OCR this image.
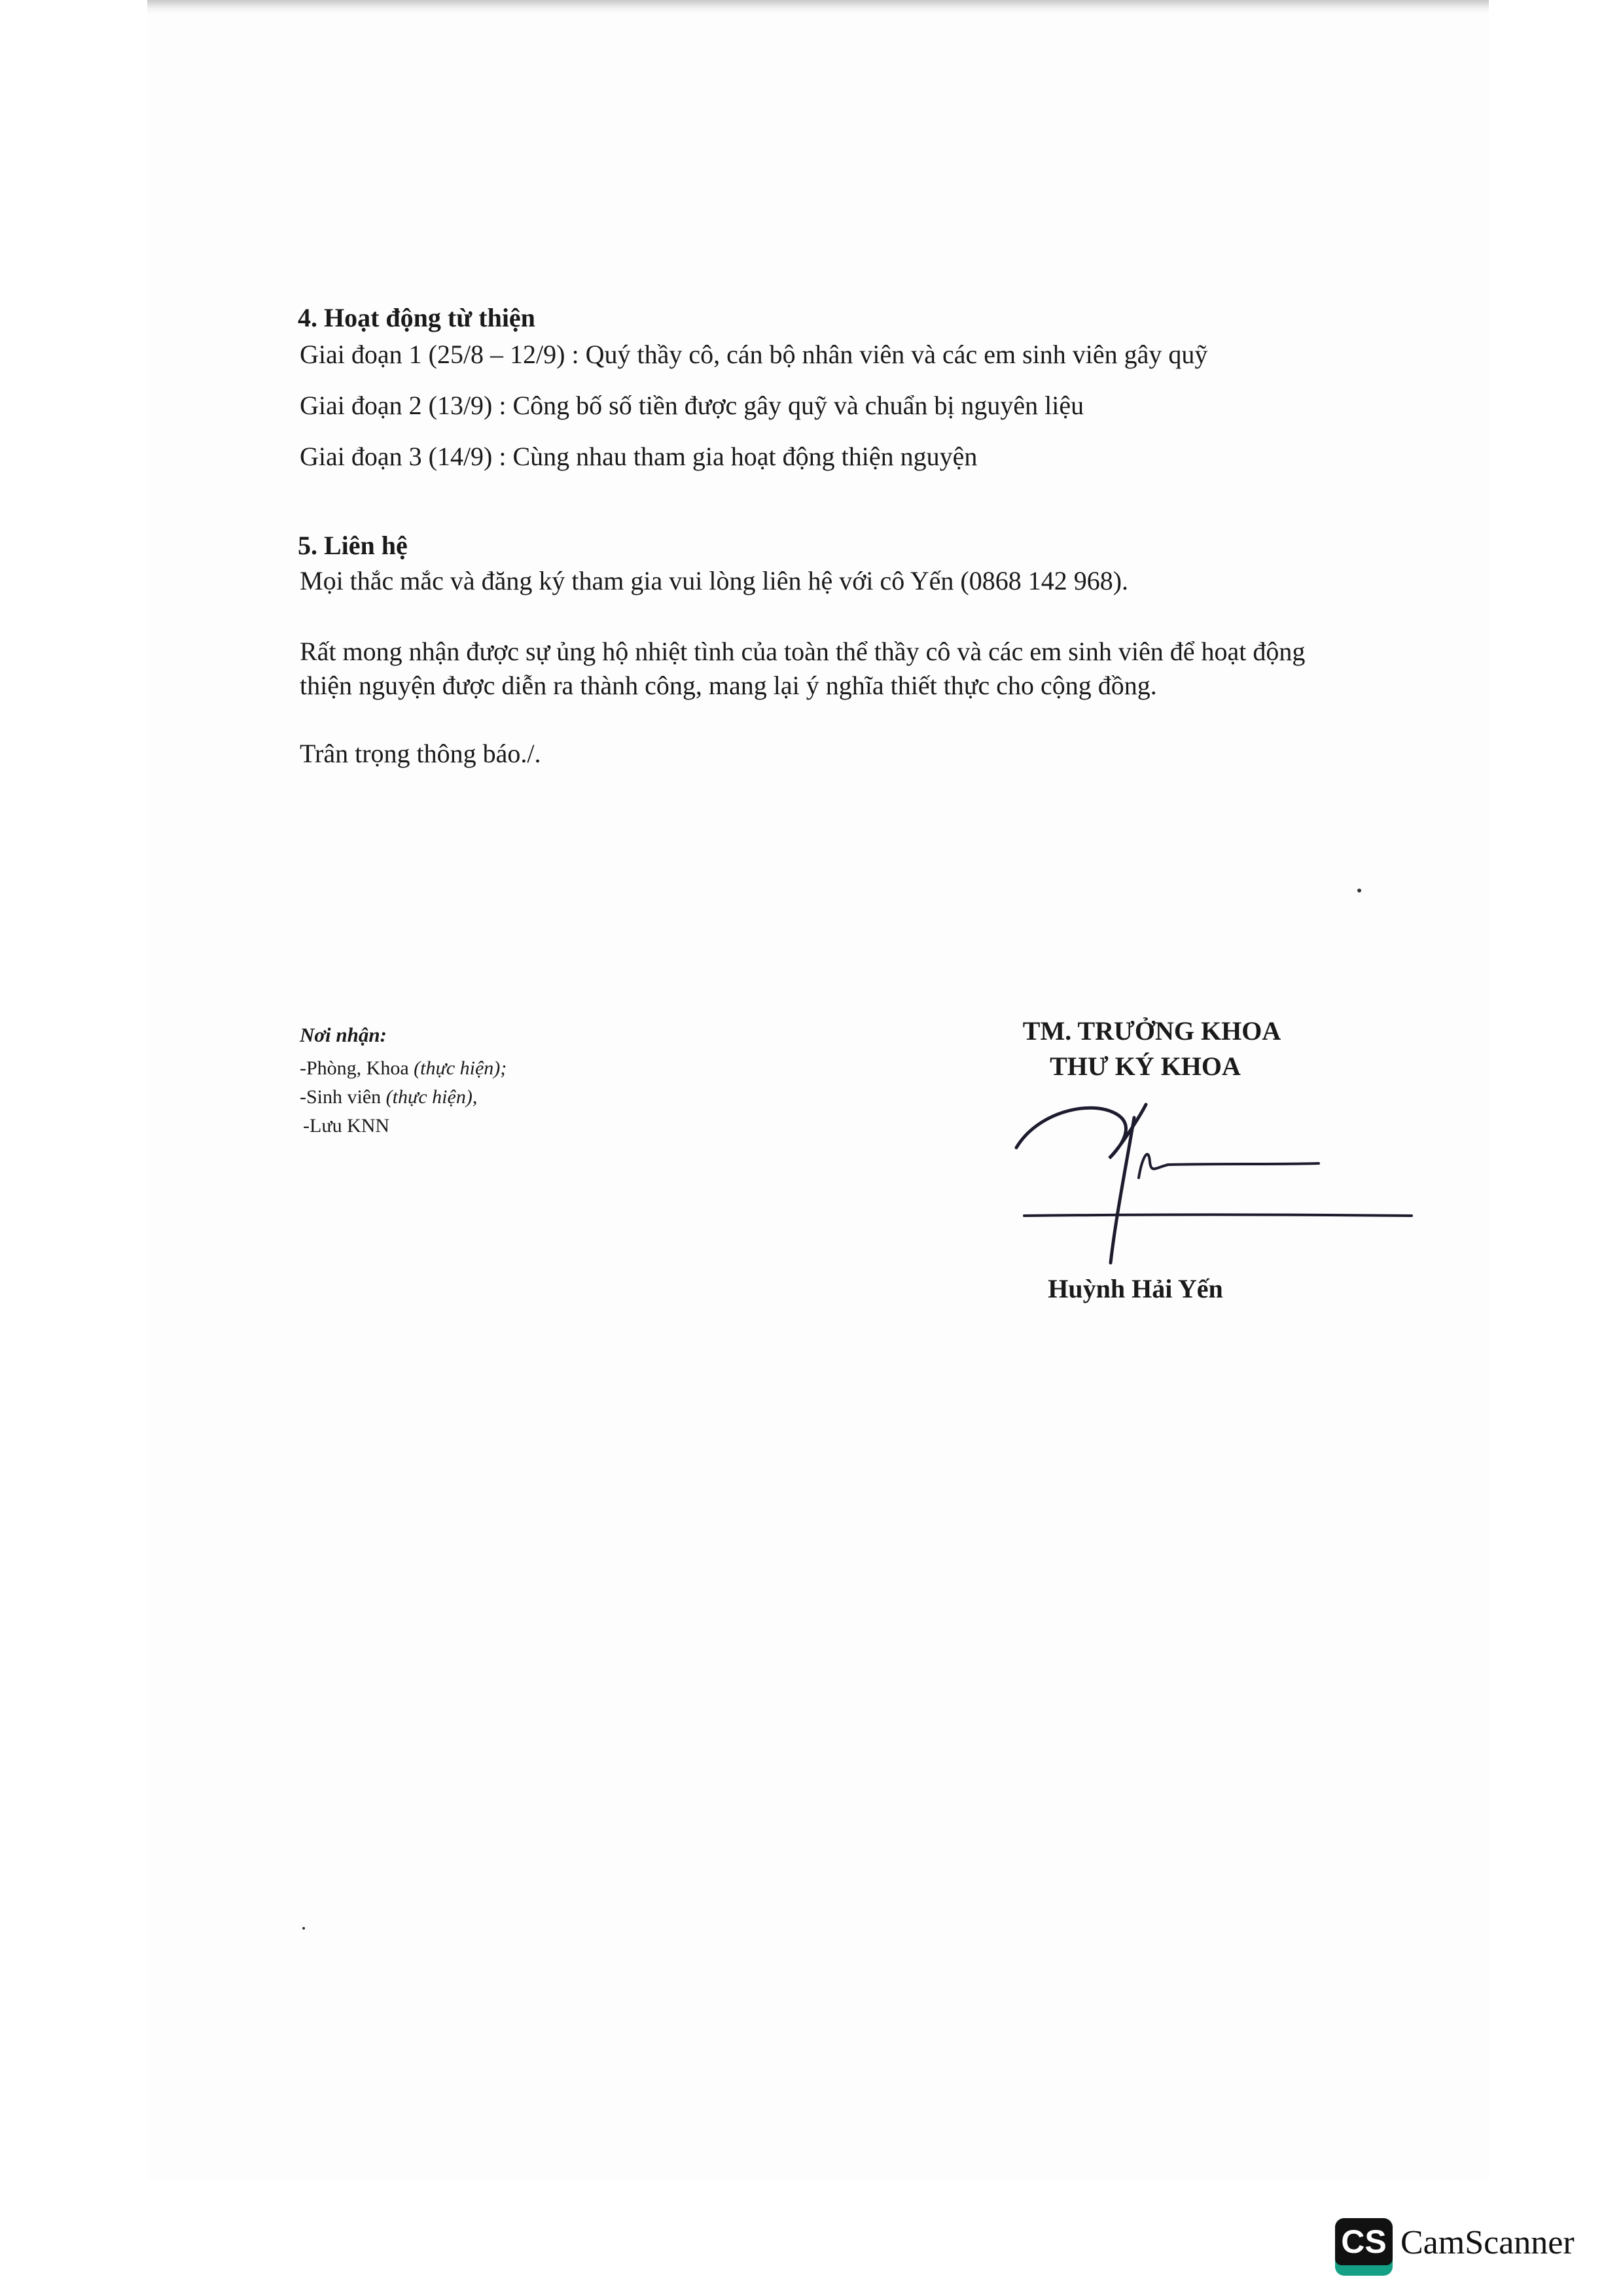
4. Hoạt động từ thiện
Giai đoạn 1 (25/8 – 12/9) : Quý thầy cô, cán bộ nhân viên và các em sinh viên gây quỹ
Giai đoạn 2 (13/9) : Công bố số tiền được gây quỹ và chuẩn bị nguyên liệu
Giai đoạn 3 (14/9) : Cùng nhau tham gia hoạt động thiện nguyện
5. Liên hệ
Mọi thắc mắc và đăng ký tham gia vui lòng liên hệ với cô Yến (0868 142 968).
Rất mong nhận được sự ủng hộ nhiệt tình của toàn thể thầy cô và các em sinh viên để hoạt động
thiện nguyện được diễn ra thành công, mang lại ý nghĩa thiết thực cho cộng đồng.
Trân trọng thông báo./.
Nơi nhận:
-Phòng, Khoa (thực hiện);
-Sinh viên (thực hiện),
-Lưu KNN
TM. TRƯỞNG KHOA
THƯ KÝ KHOA
Huỳnh Hải Yến
CS CamScanner
